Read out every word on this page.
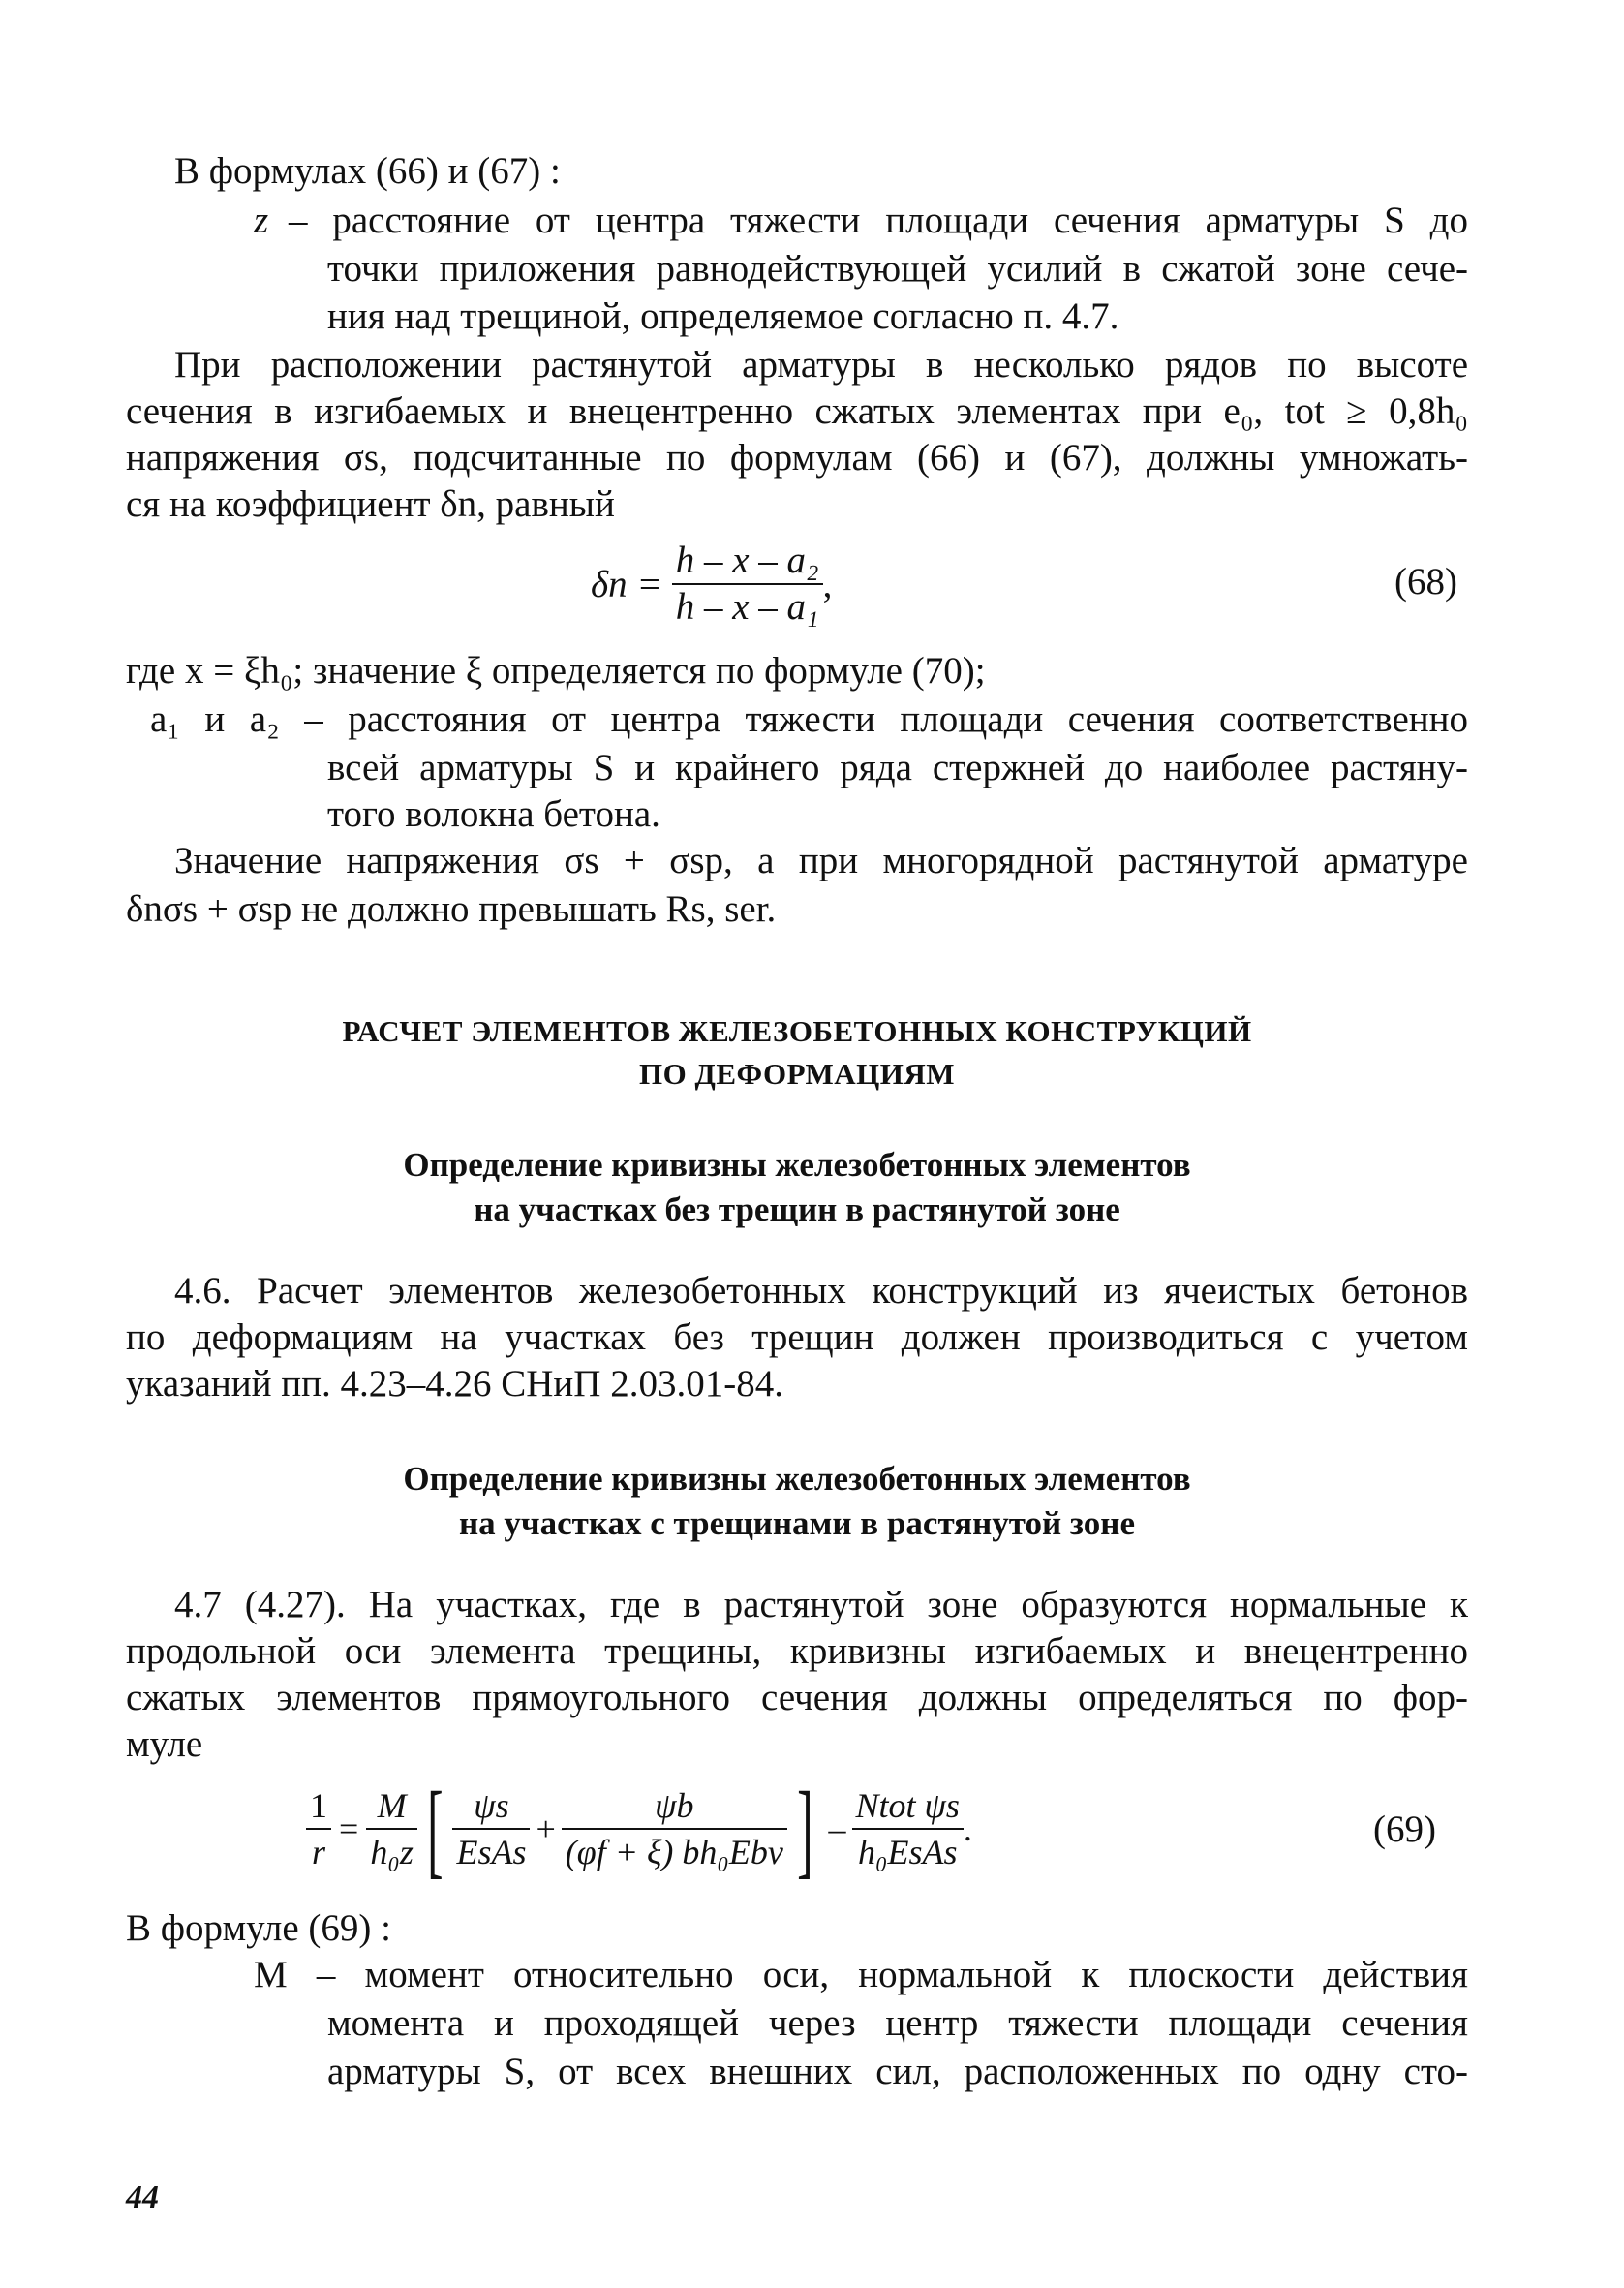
В формулах (66) и (67) :
z – расстояние от центра тяжести площади сечения арматуры S до
точки приложения равнодействующей усилий в сжатой зоне сече-
ния над трещиной, определяемое согласно п. 4.7.
При расположении растянутой арматуры в несколько рядов по высоте
сечения в изгибаемых и внецентренно сжатых элементах при e₀, tot ≥ 0,8h₀
напряжения σs, подсчитанные по формулам (66) и (67), должны умножать-
ся на коэффициент δn, равный
$\delta n = \frac{\text{h – x – a₂}}{\text{h – x – a₁}}$ ,	(68)
где x = ξh₀; значение ξ определяется по формуле (70);
a₁ и a₂ – расстояния от центра тяжести площади сечения соответственно
всей арматуры S и крайнего ряда стержней до наиболее растяну-
того волокна бетона.
Значение напряжения σs + σsp, а при многорядной растянутой арматуре
δnσs + σsp не должно превышать Rs, ser.
РАСЧЕТ ЭЛЕМЕНТОВ ЖЕЛЕЗОБЕТОННЫХ КОНСТРУКЦИЙ
ПО ДЕФОРМАЦИЯМ
Определение кривизны железобетонных элементов
на участках без трещин в растянутой зоне
4.6. Расчет элементов железобетонных конструкций из ячеистых бетонов
по деформациям на участках без трещин должен производиться с учетом
указаний пп. 4.23–4.26 СНиП 2.03.01-84.
Определение кривизны железобетонных элементов
на участках с трещинами в растянутой зоне
4.7 (4.27). На участках, где в растянутой зоне образуются нормальные к
продольной оси элемента трещины, кривизны изгибаемых и внецентренно
сжатых элементов прямоугольного сечения должны определяться по фор-
муле
$\frac{1}{r} = \frac{M}{\text{h₀z}}$ [ $\frac{\psi s}{\text{EsAs}} + \frac{\psi b}{\text{(φf + ξ) bh₀Ebν}}$ ] – $\frac{\text{Ntot ψs}}{\text{h₀EsAs}}$ .	(69)
В формуле (69) :
M – момент относительно оси, нормальной к плоскости действия
момента и проходящей через центр тяжести площади сечения
арматуры S, от всех внешних сил, расположенных по одну сто-
44
